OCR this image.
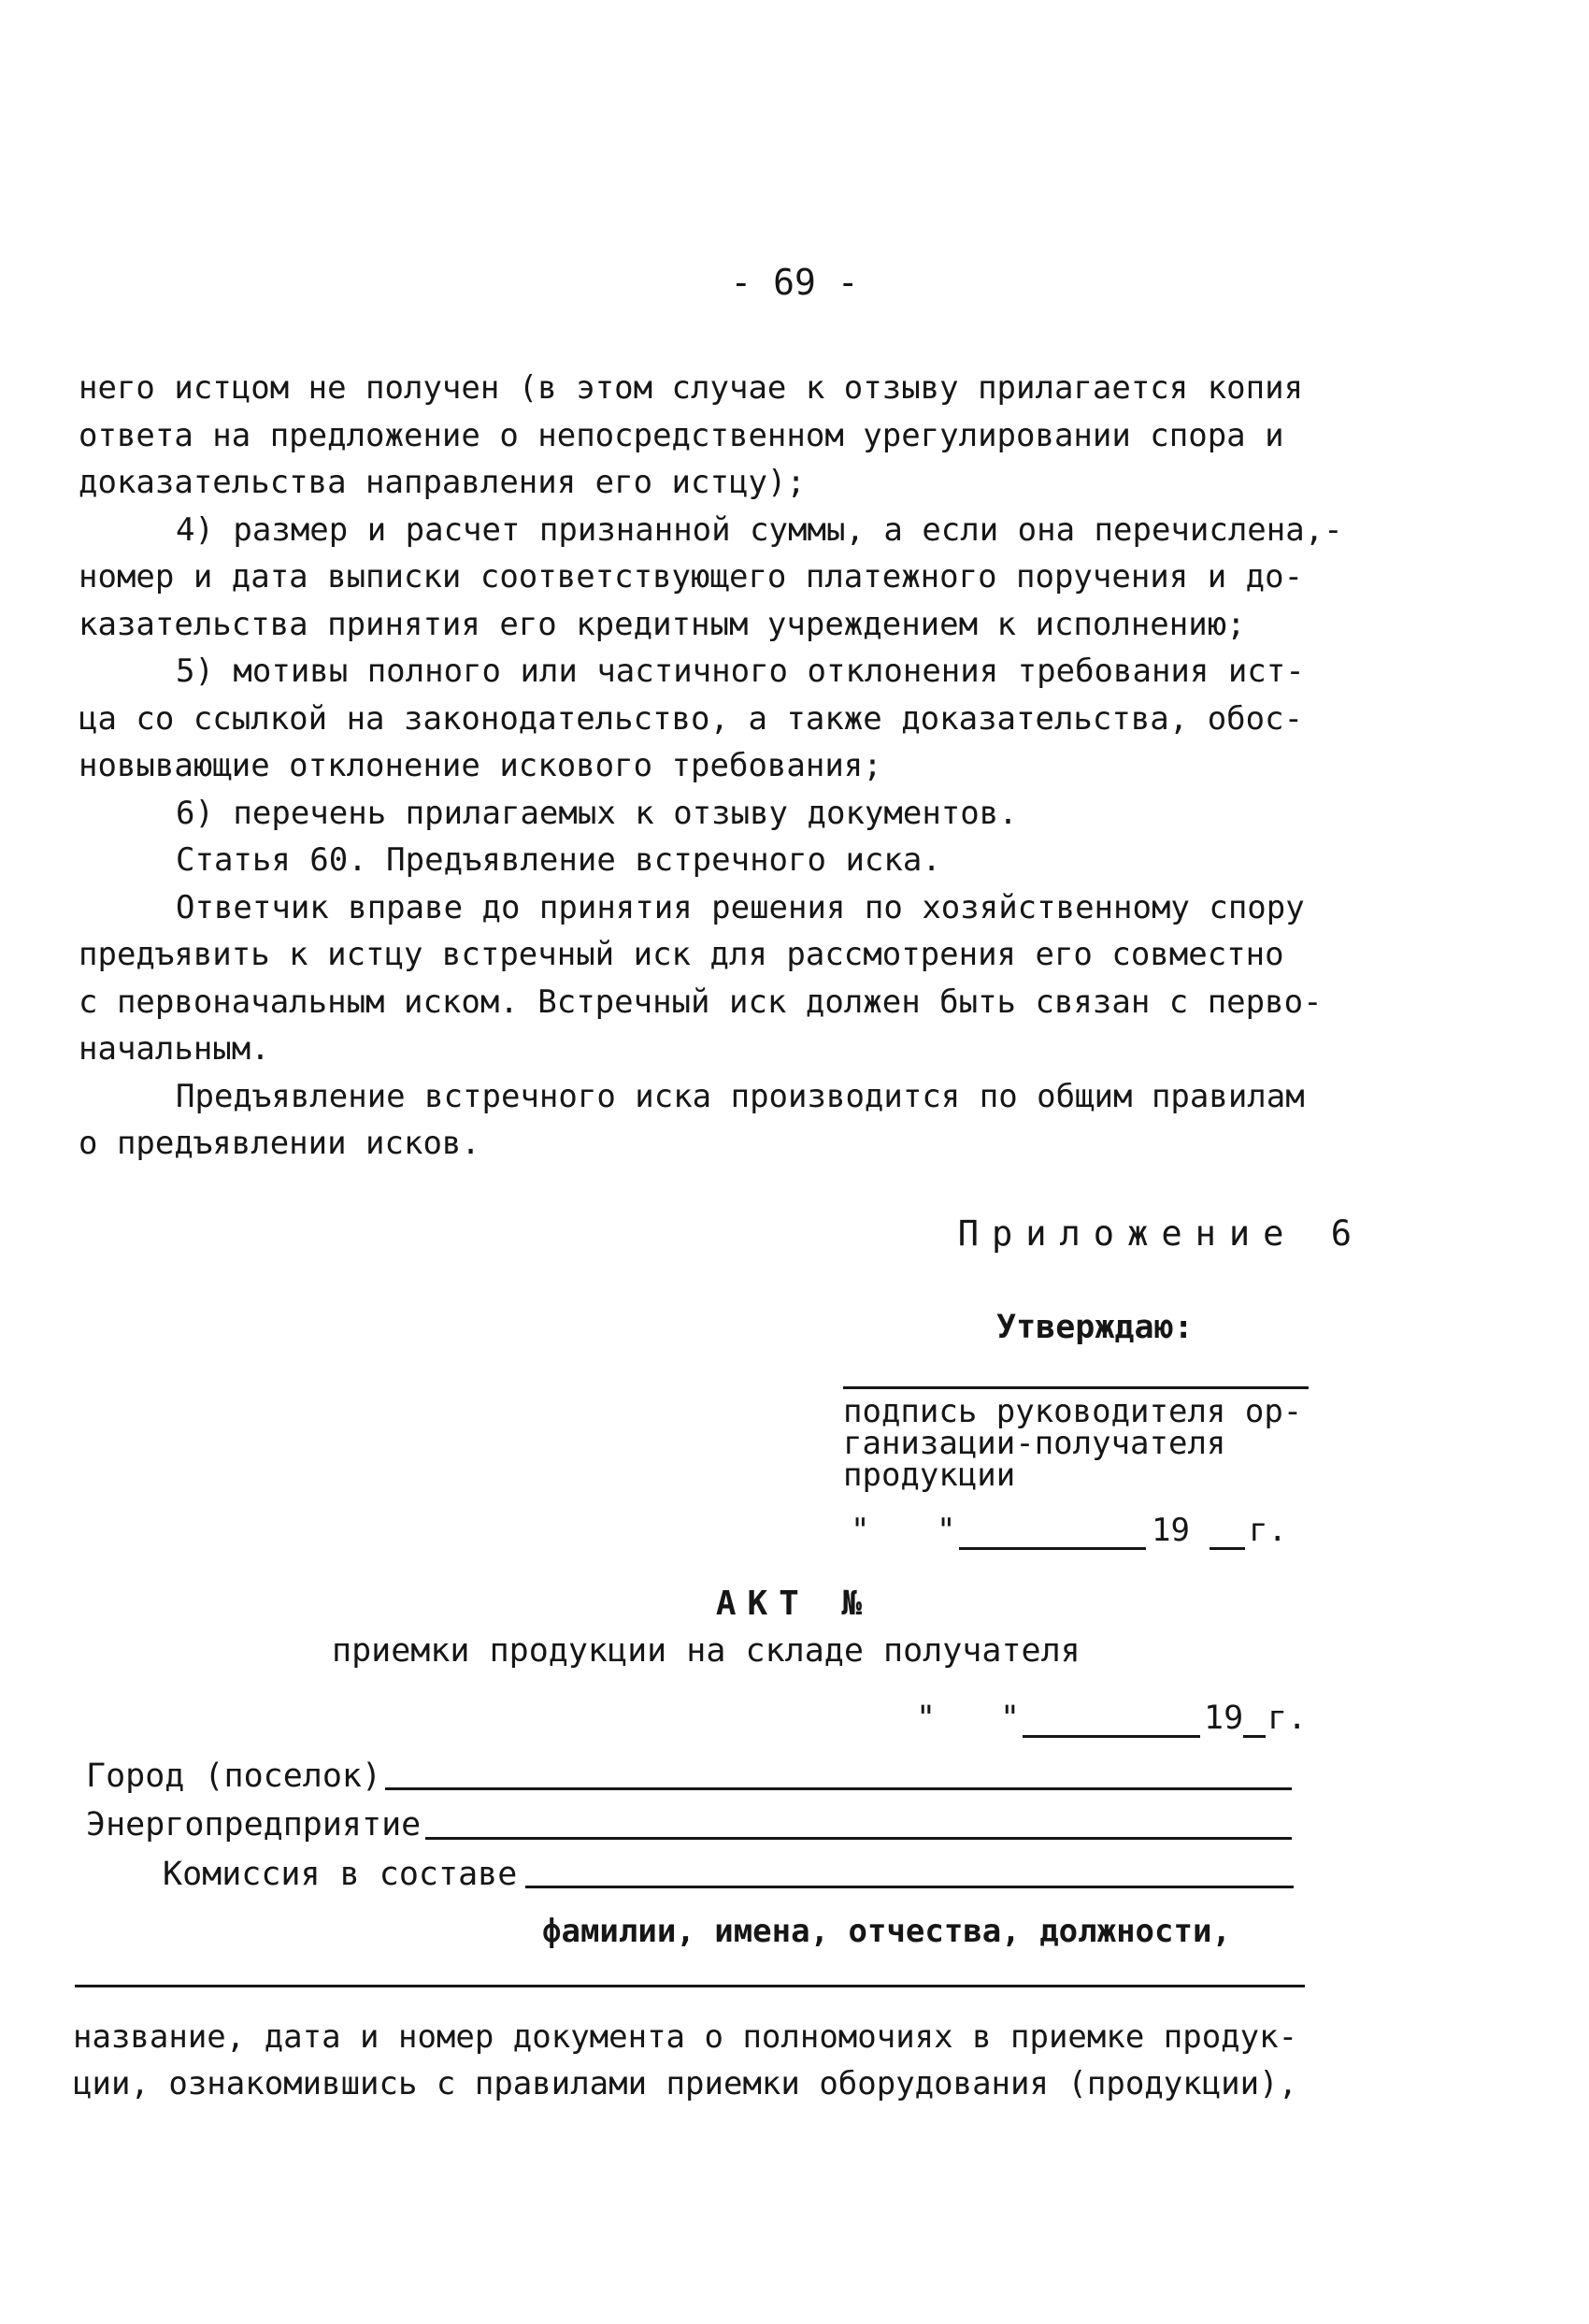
- 69 -
него истцом не получен (в этом случае к отзыву прилагается копия
ответа на предложение о непосредственном урегулировании спора и
доказательства направления его истцу);
4) размер и расчет признанной суммы, а если она перечислена,-
номер и дата выписки соответствующего платежного поручения и до-
казательства принятия его кредитным учреждением к исполнению;
5) мотивы полного или частичного отклонения требования ист-
ца со ссылкой на законодательство, а также доказательства, обос-
новывающие отклонение искового требования;
6) перечень прилагаемых к отзыву документов.
Статья 60. Предъявление встречного иска.
Ответчик вправе до принятия решения по хозяйственному спору
предъявить к истцу встречный иск для рассмотрения его совместно
с первоначальным иском. Встречный иск должен быть связан с перво-
начальным.
Предъявление встречного иска производится по общим правилам
о предъявлении исков.
Приложение 6
Утверждаю:
подпись руководителя ор-
ганизации-получателя
продукции
" "	19 г.
АКТ №
приемки продукции на складе получателя
" "	19 г.
Город (поселок)
Энергопредприятие
Комиссия в составе
фамилии, имена, отчества, должности,
название, дата и номер документа о полномочиях в приемке продук-
ции, ознакомившись с правилами приемки оборудования (продукции),
